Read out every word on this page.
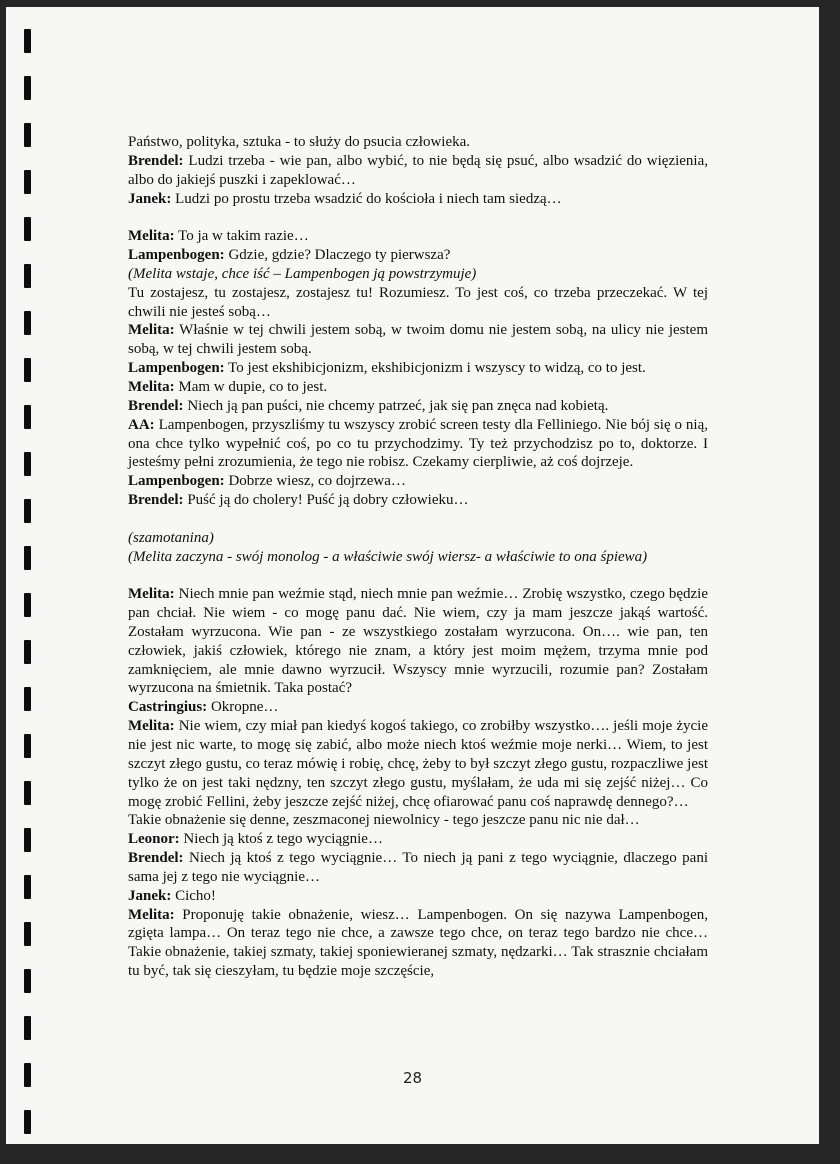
Państwo, polityka, sztuka - to służy do psucia człowieka.

Brendel: Ludzi trzeba - wie pan, albo wybić, to nie będą się psuć, albo wsadzić do więzienia, albo do jakiejś puszki i zapeklować…

Janek: Ludzi po prostu trzeba wsadzić do kościoła i niech tam siedzą…

Melita: To ja w takim razie…

Lampenbogen: Gdzie, gdzie? Dlaczego ty pierwsza?

(Melita wstaje, chce iść – Lampenbogen ją powstrzymuje)

Tu zostajesz, tu zostajesz, zostajesz tu! Rozumiesz. To jest coś, co trzeba przeczekać. W tej chwili nie jesteś sobą…

Melita: Właśnie w tej chwili jestem sobą, w twoim domu nie jestem sobą, na ulicy nie jestem sobą, w tej chwili jestem sobą.

Lampenbogen: To jest ekshibicjonizm, ekshibicjonizm i wszyscy to widzą, co to jest.

Melita: Mam w dupie, co to jest.

Brendel: Niech ją pan puści, nie chcemy patrzeć, jak się pan znęca nad kobietą.

AA: Lampenbogen, przyszliśmy tu wszyscy zrobić screen testy dla Felliniego. Nie bój się o nią, ona chce tylko wypełnić coś, po co tu przychodzimy. Ty też przychodzisz po to, doktorze. I jesteśmy pełni zrozumienia, że tego nie robisz. Czekamy cierpliwie, aż coś dojrzeje.

Lampenbogen: Dobrze wiesz, co dojrzewa…

Brendel: Puść ją do cholery! Puść ją dobry człowieku…

(szamotanina)

(Melita zaczyna - swój monolog - a właściwie swój wiersz- a właściwie to ona śpiewa)

Melita: Niech mnie pan weźmie stąd, niech mnie pan weźmie… Zrobię wszystko, czego będzie pan chciał. Nie wiem - co mogę panu dać. Nie wiem, czy ja mam jeszcze jakąś wartość. Zostałam wyrzucona. Wie pan - ze wszystkiego zostałam wyrzucona. On…. wie pan, ten człowiek, jakiś człowiek, którego nie znam, a który jest moim mężem, trzyma mnie pod zamknięciem, ale mnie dawno wyrzucił. Wszyscy mnie wyrzucili, rozumie pan? Zostałam wyrzucona na śmietnik. Taka postać?

Castringius: Okropne…

Melita: Nie wiem, czy miał pan kiedyś kogoś takiego, co zrobiłby wszystko…. jeśli moje życie nie jest nic warte, to mogę się zabić, albo może niech ktoś weźmie moje nerki… Wiem, to jest szczyt złego gustu, co teraz mówię i robię, chcę, żeby to był szczyt złego gustu, rozpaczliwe jest tylko że on jest taki nędzny, ten szczyt złego gustu, myślałam, że uda mi się zejść niżej… Co mogę zrobić Fellini, żeby jeszcze zejść niżej, chcę ofiarować panu coś naprawdę dennego?…

Takie obnażenie się denne, zeszmaconej niewolnicy - tego jeszcze panu nic nie dał…

Leonor: Niech ją ktoś z tego wyciągnie…

Brendel: Niech ją ktoś z tego wyciągnie… To niech ją pani z tego wyciągnie, dlaczego pani sama jej z tego nie wyciągnie…

Janek: Cicho!

Melita: Proponuję takie obnażenie, wiesz… Lampenbogen. On się nazywa Lampenbogen, zgięta lampa… On teraz tego nie chce, a zawsze tego chce, on teraz tego bardzo nie chce… Takie obnażenie, takiej szmaty, takiej sponiewieranej szmaty, nędzarki… Tak strasznie chciałam tu być, tak się cieszyłam, tu będzie moje szczęście,

28
